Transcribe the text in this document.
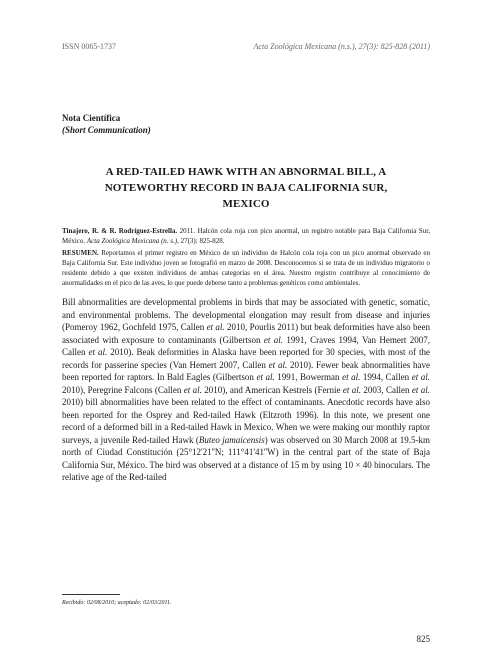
ISSN 0065-1737	Acta Zoológica Mexicana (n.s.), 27(3): 825-828 (2011)
Nota Científica
(Short Communication)
A RED-TAILED HAWK WITH AN ABNORMAL BILL, A
NOTEWORTHY RECORD IN BAJA CALIFORNIA SUR,
MEXICO
Tinajero, R. & R. Rodríguez-Estrella. 2011. Halcón cola roja con pico anormal, un registro notable para Baja California Sur, México. Acta Zoológica Mexicana (n. s.), 27(3): 825-828.
RESUMEN. Reportamos el primer registro en México de un individuo de Halcón cola roja con un pico anormal observado en Baja California Sur. Este individuo joven se fotografió en marzo de 2008. Desconocemos si se trata de un individuo migratorio o residente debido a que existen individuos de ambas categorías en el área. Nuestro registro contribuye al conocimiento de anormalidades en el pico de las aves, lo que puede deberse tanto a problemas genéticos como ambientales.
Bill abnormalities are developmental problems in birds that may be associated with genetic, somatic, and environmental problems. The developmental elongation may result from disease and injuries (Pomeroy 1962, Gochfeld 1975, Callen et al. 2010, Pourlis 2011) but beak deformities have also been associated with exposure to contaminants (Gilbertson et al. 1991, Craves 1994, Van Hemert 2007, Callen et al. 2010). Beak deformities in Alaska have been reported for 30 species, with most of the records for passerine species (Van Hemert 2007, Callen et al. 2010). Fewer beak abnormalities have been reported for raptors. In Bald Eagles (Gilbertson et al. 1991, Bowerman et al. 1994, Callen et al. 2010), Peregrine Falcons (Callen et al. 2010), and American Kestrels (Fernie et al. 2003, Callen et al. 2010) bill abnormalities have been related to the effect of contaminants. Anecdotic records have also been reported for the Osprey and Red-tailed Hawk (Eltzroth 1996). In this note, we present one record of a deformed bill in a Red-tailed Hawk in Mexico. When we were making our monthly raptor surveys, a juvenile Red-tailed Hawk (Buteo jamaicensis) was observed on 30 March 2008 at 19.5-km north of Ciudad Constitución (25°12'21''N; 111°41'41''W) in the central part of the state of Baja California Sur, México. The bird was observed at a distance of 15 m by using 10 × 40 binoculars. The relative age of the Red-tailed
Recibido: 02/08/2010; aceptado: 02/03/2011.
825
